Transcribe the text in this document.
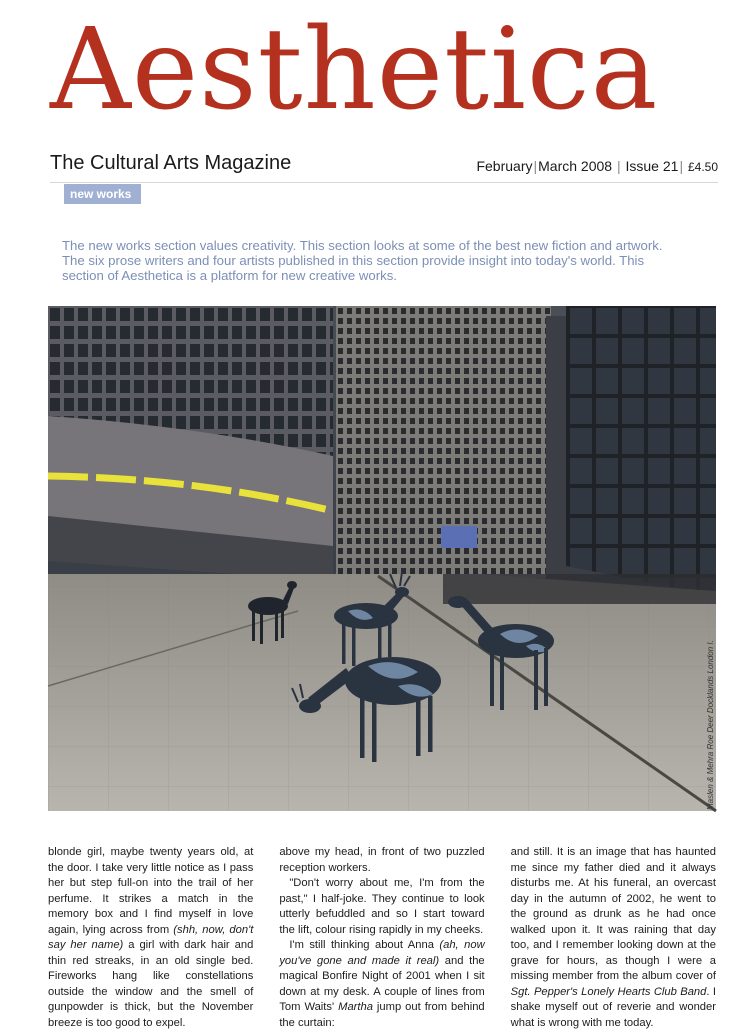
Aesthetica
The Cultural Arts Magazine	February|March 2008 | Issue 21| £4.50
new works
The new works section values creativity. This section looks at some of the best new fiction and artwork. The six prose writers and four artists published in this section provide insight into today's world. This section of Aesthetica is a platform for new creative works.
Maslen & Mehra Roe Deer Docklands London I.

blonde girl, maybe twenty years old, at the door. I take very little notice as I pass her but step full-on into the trail of her perfume. It strikes a match in the memory box and I find myself in love again, lying across from (shh, now, don't say her name) a girl with dark hair and thin red streaks, in an old single bed. Fireworks hang like constellations outside the window and the smell of gunpowder is thick, but the November breeze is too good to expel.

above my head, in front of two puzzled reception workers.

"Don't worry about me, I'm from the past," I half-joke. They continue to look utterly befuddled and so I start toward the lift, colour rising rapidly in my cheeks.

I'm still thinking about Anna (ah, now you've gone and made it real) and the magical Bonfire Night of 2001 when I sit down at my desk. A couple of lines from Tom Waits' Martha jump out from behind the curtain:

and still. It is an image that has haunted me since my father died and it always disturbs me. At his funeral, an overcast day in the autumn of 2002, he went to the ground as drunk as he had once walked upon it. It was raining that day too, and I remember looking down at the grave for hours, as though I were a missing member from the album cover of Sgt. Pepper's Lonely Hearts Club Band. I shake myself out of reverie and wonder what is wrong with me today.
